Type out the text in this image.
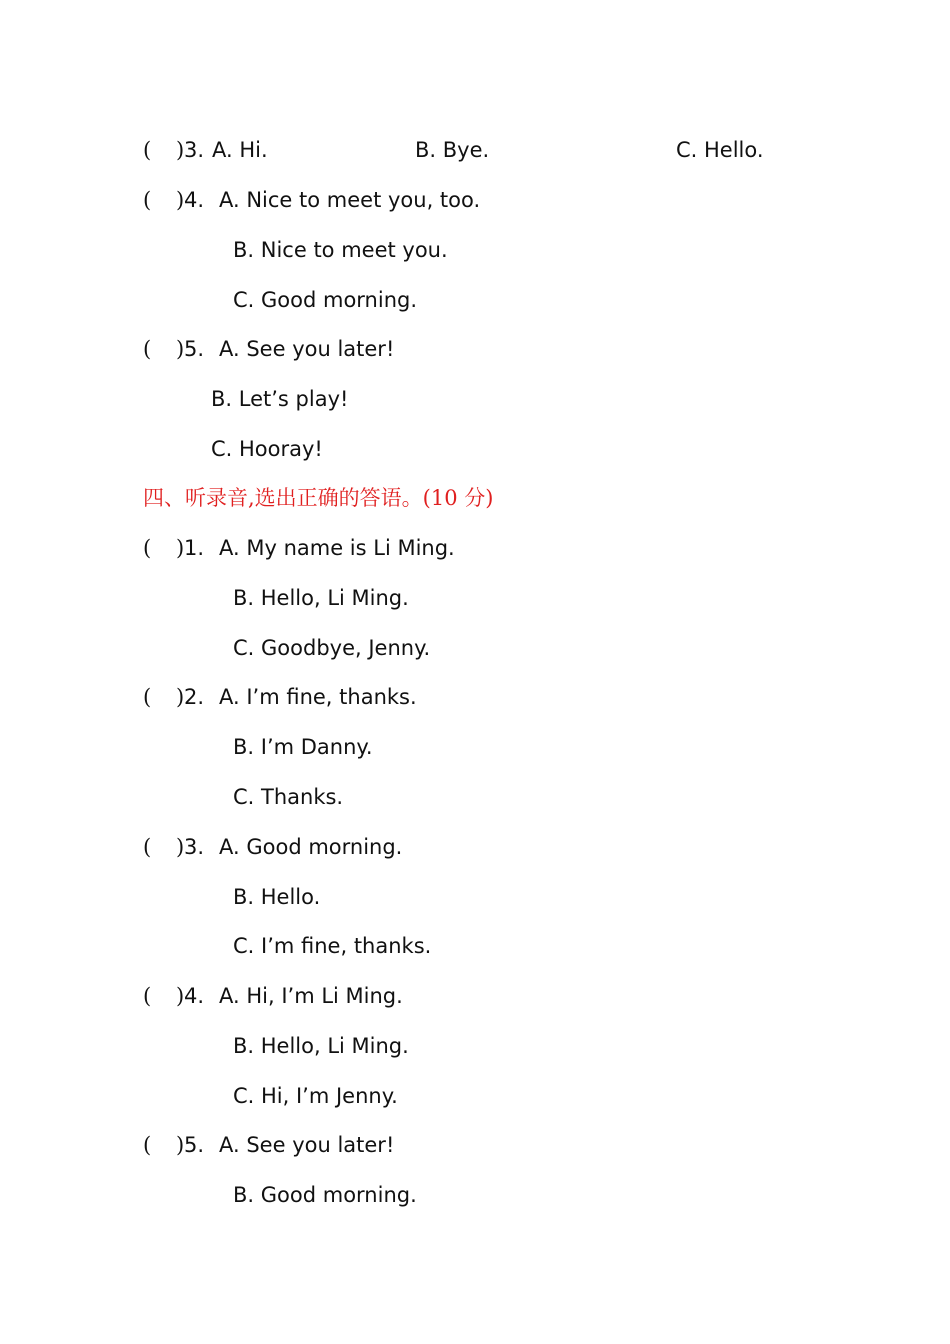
( ) 3. A. Hi.	B. Bye.	C. Hello.
( ) 4. A. Nice to meet you, too.
B. Nice to meet you.
C. Good morning.
( ) 5. A. See you later!
B. Let’s play!
C. Hooray!
四、听录音,选出正确的答语。(10 分)
( ) 1. A. My name is Li Ming.
B. Hello, Li Ming.
C. Goodbye, Jenny.
( ) 2. A. I’m fine, thanks.
B. I’m Danny.
C. Thanks.
( ) 3. A. Good morning.
B. Hello.
C. I’m fine, thanks.
( ) 4. A. Hi, I’m Li Ming.
B. Hello, Li Ming.
C. Hi, I’m Jenny.
( ) 5. A. See you later!
B. Good morning.
